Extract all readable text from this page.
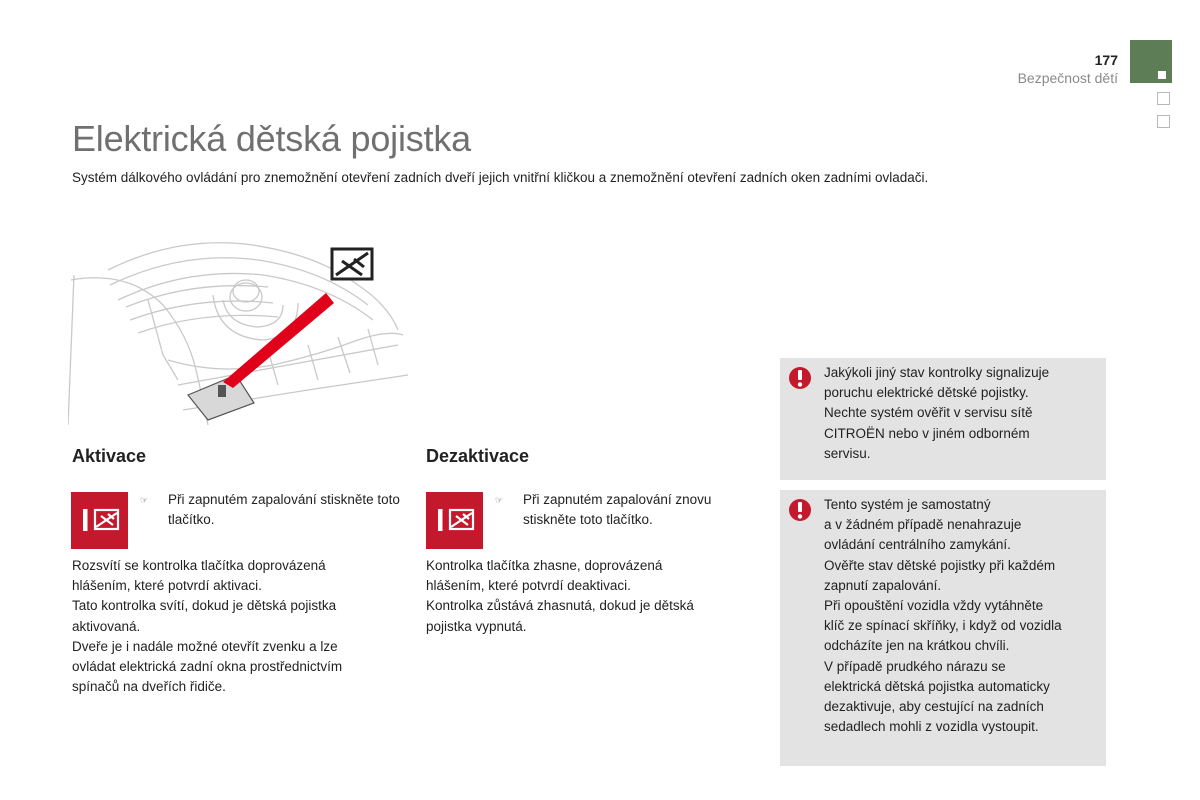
177
Bezpečnost dětí
Elektrická dětská pojistka
Systém dálkového ovládání pro znemožnění otevření zadních dveří jejich vnitřní kličkou a znemožnění otevření zadních oken zadními ovladači.
Aktivace
☞ Při zapnutém zapalování stiskněte toto tlačítko.
Rozsvítí se kontrolka tlačítka doprovázená
hlášením, které potvrdí aktivaci.
Tato kontrolka svítí, dokud je dětská pojistka
aktivovaná.
Dveře je i nadále možné otevřít zvenku a lze
ovládat elektrická zadní okna prostřednictvím
spínačů na dveřích řidiče.
Dezaktivace
☞ Při zapnutém zapalování znovu stiskněte toto tlačítko.
Kontrolka tlačítka zhasne, doprovázená
hlášením, které potvrdí deaktivaci.
Kontrolka zůstává zhasnutá, dokud je dětská
pojistka vypnutá.
Jakýkoli jiný stav kontrolky signalizuje
poruchu elektrické dětské pojistky.
Nechte systém ověřit v servisu sítě
CITROËN nebo v jiném odborném
servisu.
Tento systém je samostatný
a v žádném případě nenahrazuje
ovládání centrálního zamykání.
Ověřte stav dětské pojistky při každém
zapnutí zapalování.
Při opouštění vozidla vždy vytáhněte
klíč ze spínací skříňky, i když od vozidla
odcházíte jen na krátkou chvíli.
V případě prudkého nárazu se
elektrická dětská pojistka automaticky
dezaktivuje, aby cestující na zadních
sedadlech mohli z vozidla vystoupit.
